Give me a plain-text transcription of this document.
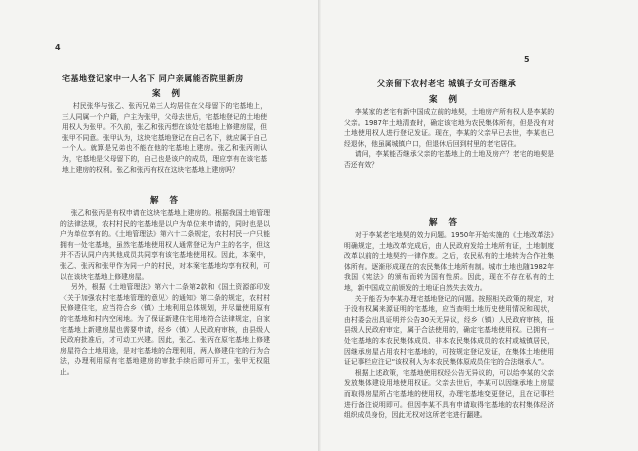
4
宅基地登记家中一人名下 同户亲属能否院里新房
案 例

村民张华与张乙、张丙兄弟三人均居住在父母留下的宅基地上，三人同属一个户籍，户主为张甲，父母去世后，宅基地登记的土地使用权人为张甲。不久前，张乙和张丙想在该处宅基地上修建房屋，但张甲不同意。张甲认为，这块宅基地登记在自己名下，就应属于自己一个人。就算是兄弟也不能在他的宅基地上建房。张乙和张丙则认为，宅基地是父母留下的，自己也是该户的成员，理应享有在该宅基地上建房的权利。张乙和张丙有权在这块宅基地上建房吗？

解 答

张乙和张丙是有权申请在这块宅基地上建房的。根据我国土地管理的法律法规，农村村民的宅基地是以户为单位来申请的，同时也是以户为单位享有的。《土地管理法》第六十二条规定，农村村民一户只能拥有一处宅基地，虽然宅基地使用权人通常登记为户主的名字，但这并不否认同户内其他成员共同享有该宅基地使用权。因此，本案中，张乙、张丙和张甲作为同一户的村民，对本案宅基地均享有权利，可以在该块宅基地上修建房屋。

另外，根据《土地管理法》第六十二条第2款和《国土资源部印发〈关于加强农村宅基地管理的意见〉的通知》第二条的规定，农村村民修建住宅，应当符合乡（镇）土地利用总体规划，并尽量使用原有的宅基地和村内空闲地。为了保证新建住宅用地符合法律规定，自家宅基地上新建房屋也需要申请，经乡（镇）人民政府审核，由县级人民政府批准后，才可动工兴建。因此，张乙、张丙在原宅基地上修建房屋符合土地用途，是对宅基地的合理利用，两人修建住宅的行为合法，办理利用原有宅基地建房的审批手续后即可开工，张甲无权阻止。

5
父亲留下农村老宅 城镇子女可否继承
案 例

李某家的老宅有新中国成立前的地契，土地房产所有权人是李某的父亲。1987年土地清查时，确定该宅地为农民集体所有，但是没有对土地使用权人进行登记发证。现在，李某的父亲早已去世，李某也已经退休，他虽属城镇户口，但退休后回到村里的老宅居住。

请问，李某能否继承父亲的宅基地上的土地及房产？老宅的地契是否还有效？

解 答

对于李某老宅地契的效力问题。1950年开始实施的《土地改革法》明确规定，土地改革完成后，由人民政府发给土地所有证，土地制度改革以前的土地契约一律作废。之后，农民私有的土地转为合作社集体所有。逐渐形成现在的农民集体土地所有制。城市土地也随1982年我国《宪法》的颁布而转为国有性质。因此，现在不存在私有的土地，新中国成立前颁发的土地证自然失去效力。

关于能否为李某办理宅基地登记的问题。按照相关政策的规定，对于没有权属来源证明的宅基地，应当查明土地历史使用情况和现状，由村委会出具证明并公告30天无异议，经乡（镇）人民政府审核，报县级人民政府审定，属于合法使用的，确定宅基地使用权。已拥有一处宅基地的本农民集体成员、非本农民集体成员的农村或城镇居民，因继承房屋占用农村宅基地的，可按规定登记发证，在集体土地使用证记事栏应注记“该权利人为本农民集体原成员住宅的合法继承人”。

根据上述政策，宅基地使用权经公告无异议的，可以给李某的父亲发放集体建设用地使用权证。父亲去世后，李某可以因继承地上房屋而取得房屋所占宅基地的使用权，办理宅基地变更登记，且在记事栏进行备注说明即可。但因李某不具有申请取得宅基地的农村集体经济组织成员身份，因此无权对这所老宅进行翻建。
